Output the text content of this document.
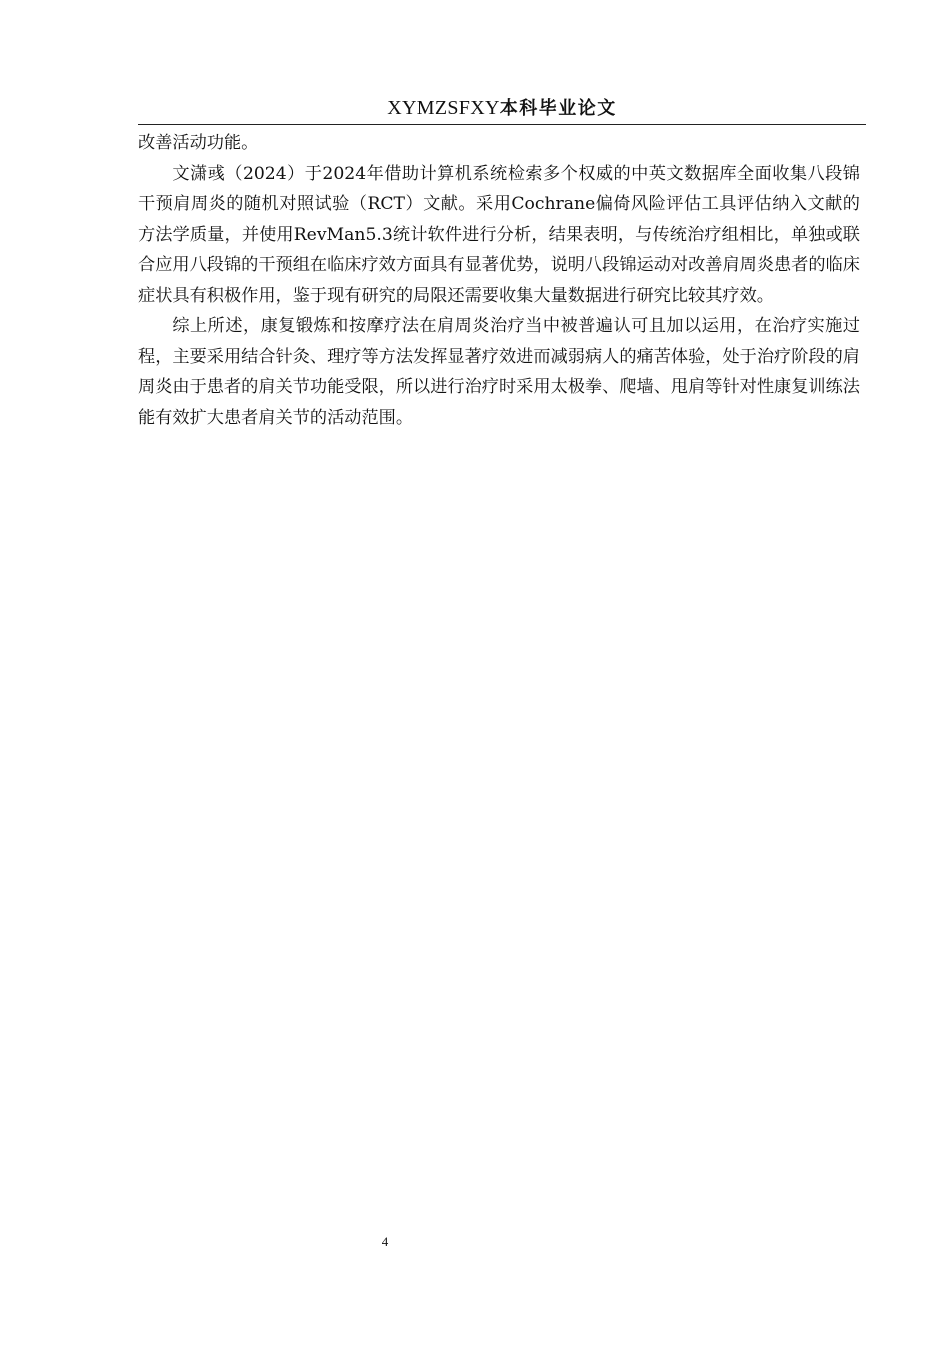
XYMZSFXY本科毕业论文

改善活动功能。

文潇彧（2024）于2024年借助计算机系统检索多个权威的中英文数据库全面收集八段锦干预肩周炎的随机对照试验（RCT）文献。采用Cochrane偏倚风险评估工具评估纳入文献的方法学质量，并使用RevMan5.3统计软件进行分析，结果表明，与传统治疗组相比，单独或联合应用八段锦的干预组在临床疗效方面具有显著优势，说明八段锦运动对改善肩周炎患者的临床症状具有积极作用，鉴于现有研究的局限还需要收集大量数据进行研究比较其疗效。

综上所述，康复锻炼和按摩疗法在肩周炎治疗当中被普遍认可且加以运用，在治疗实施过程，主要采用结合针灸、理疗等方法发挥显著疗效进而减弱病人的痛苦体验，处于治疗阶段的肩周炎由于患者的肩关节功能受限，所以进行治疗时采用太极拳、爬墙、甩肩等针对性康复训练法能有效扩大患者肩关节的活动范围。

4
